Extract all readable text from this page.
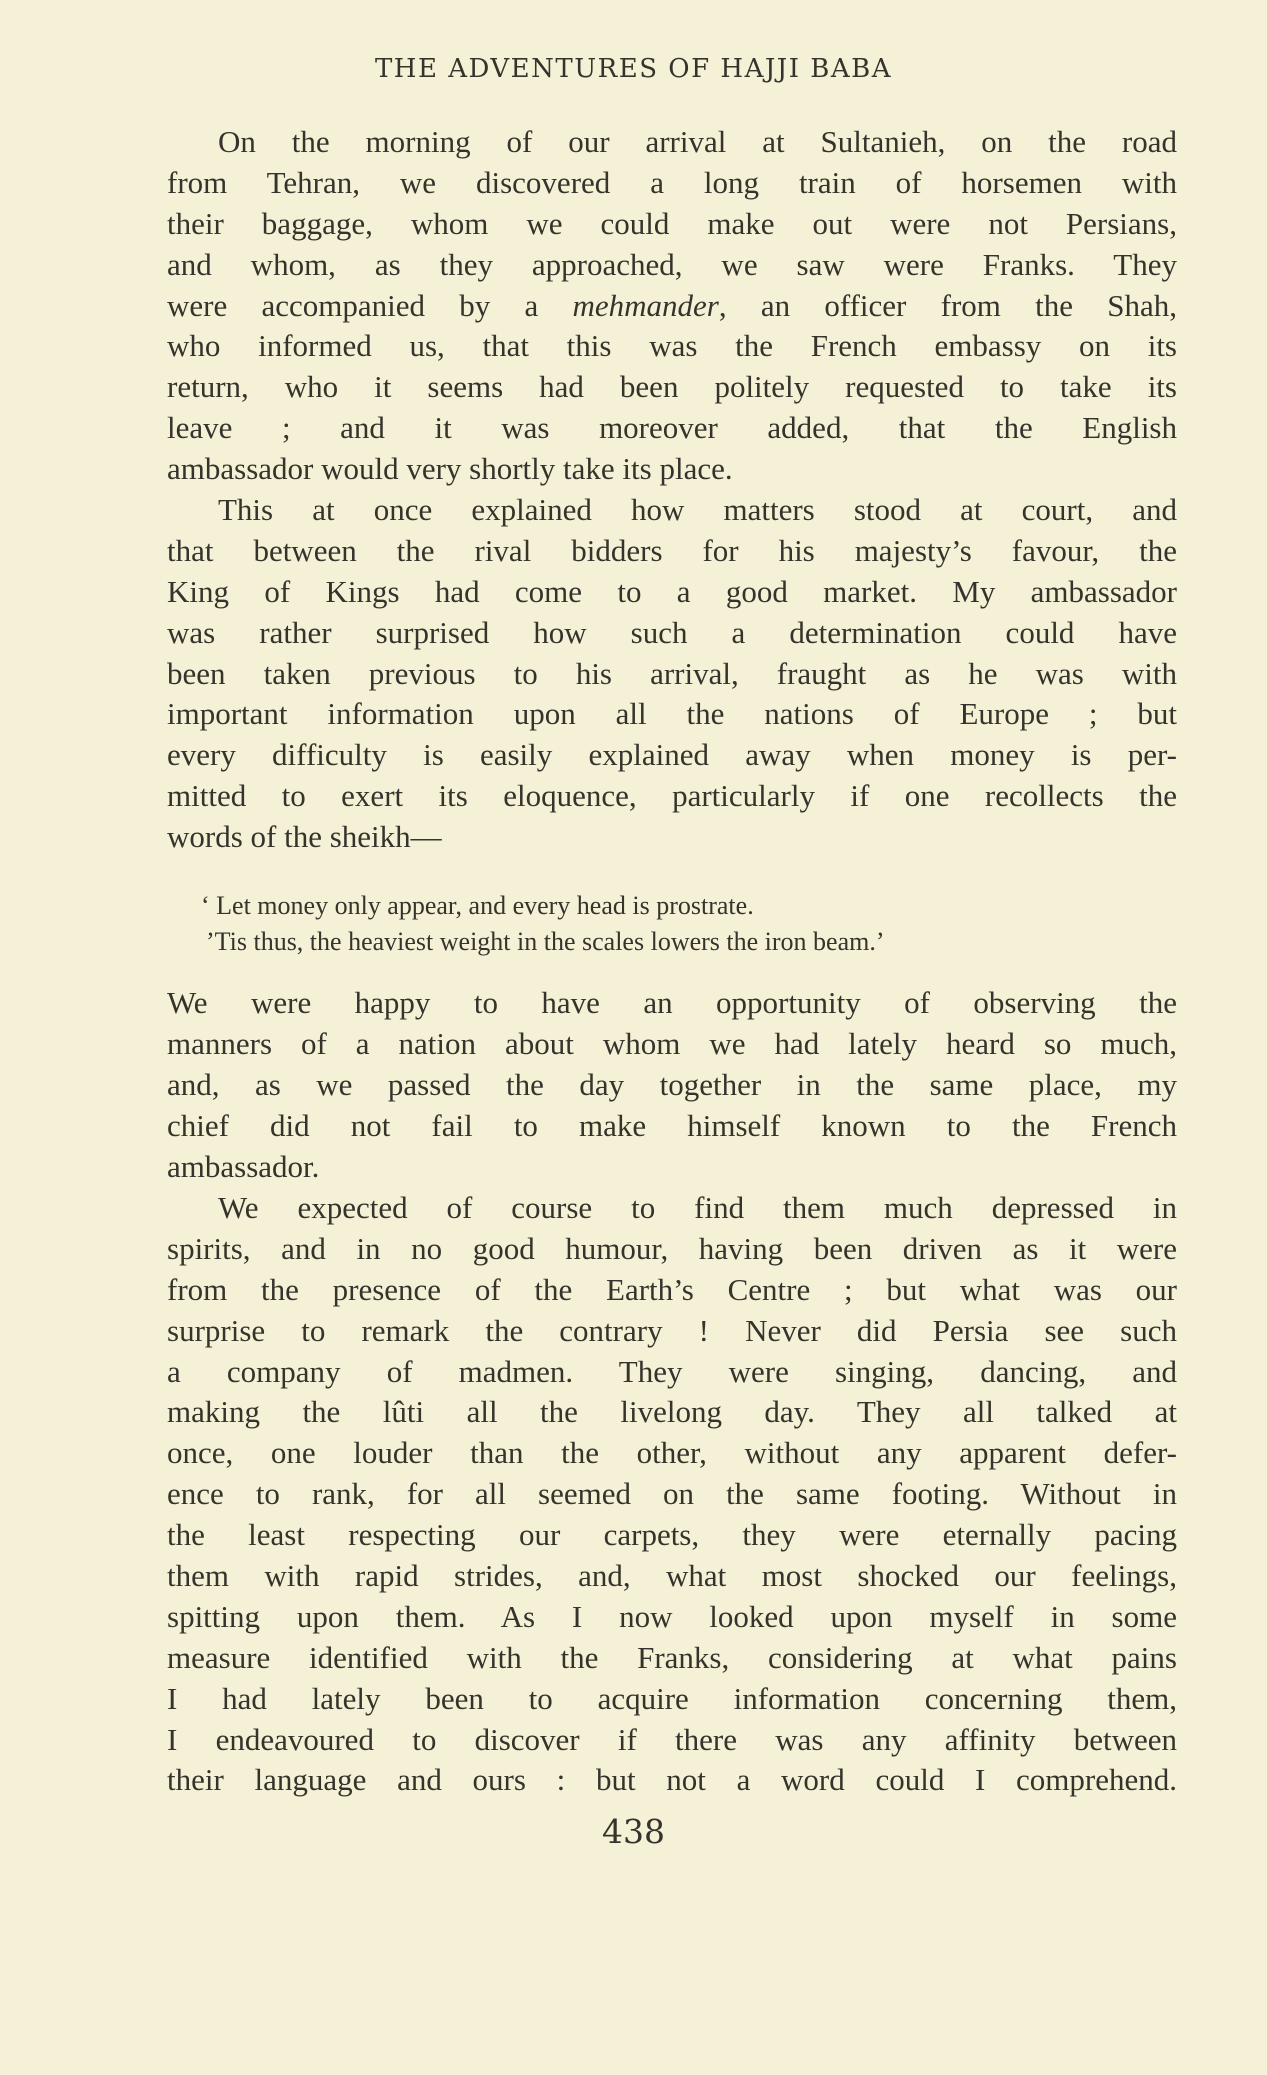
THE ADVENTURES OF HAJJI BABA
On the morning of our arrival at Sultanieh, on the road
from Tehran, we discovered a long train of horsemen with
their baggage, whom we could make out were not Persians,
and whom, as they approached, we saw were Franks. They
were accompanied by a mehmander, an officer from the Shah,
who informed us, that this was the French embassy on its
return, who it seems had been politely requested to take its
leave ; and it was moreover added, that the English
ambassador would very shortly take its place.
This at once explained how matters stood at court, and
that between the rival bidders for his majesty’s favour, the
King of Kings had come to a good market. My ambassador
was rather surprised how such a determination could have
been taken previous to his arrival, fraught as he was with
important information upon all the nations of Europe ; but
every difficulty is easily explained away when money is per-
mitted to exert its eloquence, particularly if one recollects the
words of the sheikh—
‘ Let money only appear, and every head is prostrate.
’Tis thus, the heaviest weight in the scales lowers the iron beam.’
We were happy to have an opportunity of observing the
manners of a nation about whom we had lately heard so much,
and, as we passed the day together in the same place, my
chief did not fail to make himself known to the French
ambassador.
We expected of course to find them much depressed in
spirits, and in no good humour, having been driven as it were
from the presence of the Earth’s Centre ; but what was our
surprise to remark the contrary ! Never did Persia see such
a company of madmen. They were singing, dancing, and
making the lûti all the livelong day. They all talked at
once, one louder than the other, without any apparent defer-
ence to rank, for all seemed on the same footing. Without in
the least respecting our carpets, they were eternally pacing
them with rapid strides, and, what most shocked our feelings,
spitting upon them. As I now looked upon myself in some
measure identified with the Franks, considering at what pains
I had lately been to acquire information concerning them,
I endeavoured to discover if there was any affinity between
their language and ours : but not a word could I comprehend.
438
